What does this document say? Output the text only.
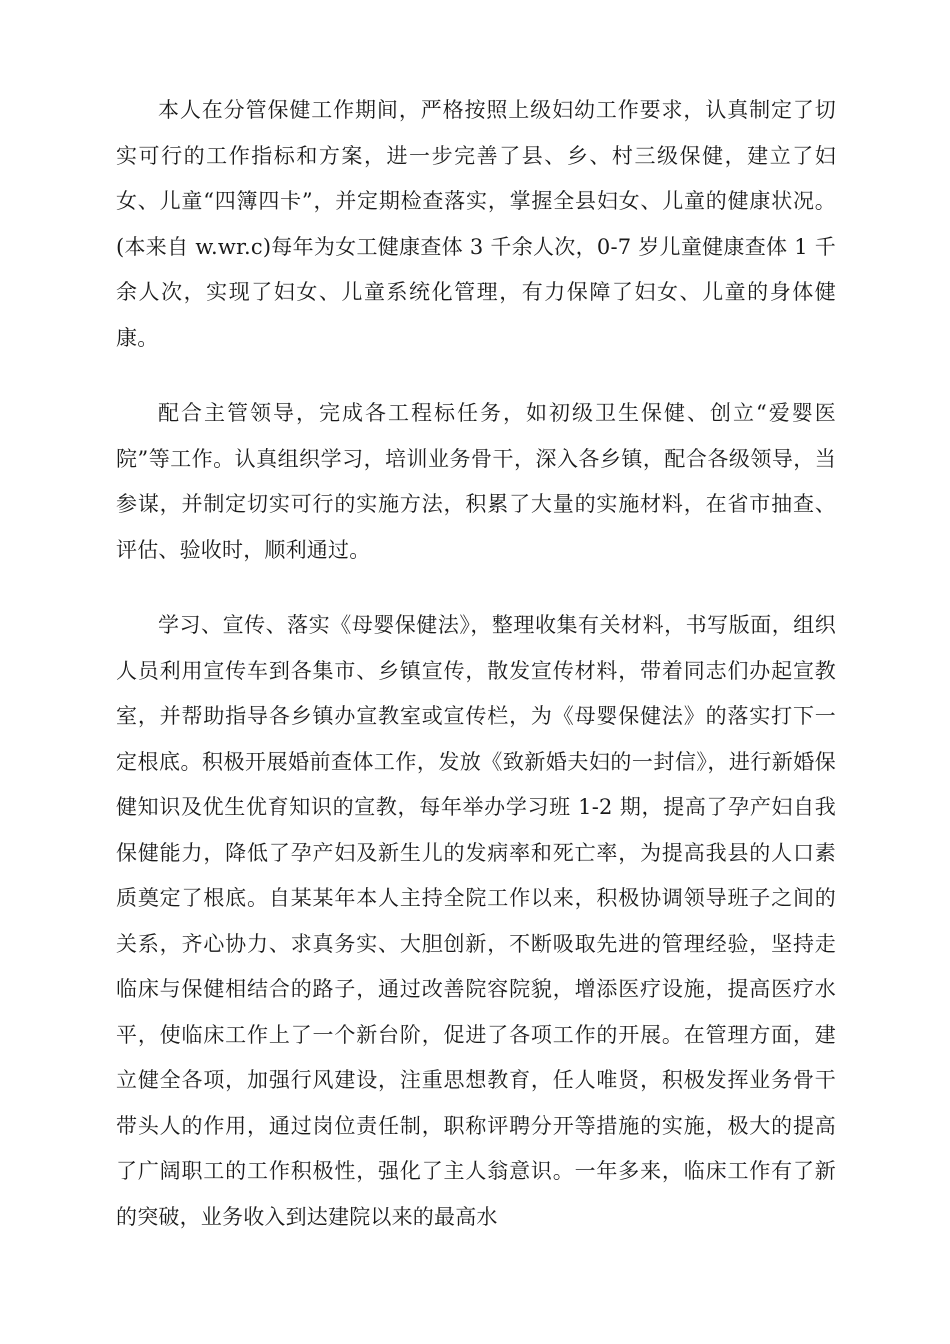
本人在分管保健工作期间，严格按照上级妇幼工作要求，认真制定了切实可行的工作指标和方案，进一步完善了县、乡、村三级保健，建立了妇女、儿童“四簿四卡”，并定期检查落实，掌握全县妇女、儿童的健康状况。(本来自 w.wr.c)每年为女工健康查体 3 千余人次，0-7 岁儿童健康查体 1 千余人次，实现了妇女、儿童系统化管理，有力保障了妇女、儿童的身体健康。

配合主管领导，完成各工程标任务，如初级卫生保健、创立“爱婴医院”等工作。认真组织学习，培训业务骨干，深入各乡镇，配合各级领导，当参谋，并制定切实可行的实施方法，积累了大量的实施材料，在省市抽查、评估、验收时，顺利通过。

学习、宣传、落实《母婴保健法》，整理收集有关材料，书写版面，组织人员利用宣传车到各集市、乡镇宣传，散发宣传材料，带着同志们办起宣教室，并帮助指导各乡镇办宣教室或宣传栏，为《母婴保健法》的落实打下一定根底。积极开展婚前查体工作，发放《致新婚夫妇的一封信》，进行新婚保健知识及优生优育知识的宣教，每年举办学习班 1-2 期，提高了孕产妇自我保健能力，降低了孕产妇及新生儿的发病率和死亡率，为提高我县的人口素质奠定了根底。自某某年本人主持全院工作以来，积极协调领导班子之间的关系，齐心协力、求真务实、大胆创新，不断吸取先进的管理经验，坚持走临床与保健相结合的路子，通过改善院容院貌，增添医疗设施，提高医疗水平，使临床工作上了一个新台阶，促进了各项工作的开展。在管理方面，建立健全各项，加强行风建设，注重思想教育，任人唯贤，积极发挥业务骨干带头人的作用，通过岗位责任制，职称评聘分开等措施的实施，极大的提高了广阔职工的工作积极性，强化了主人翁意识。一年多来，临床工作有了新的突破，业务收入到达建院以来的最高水
